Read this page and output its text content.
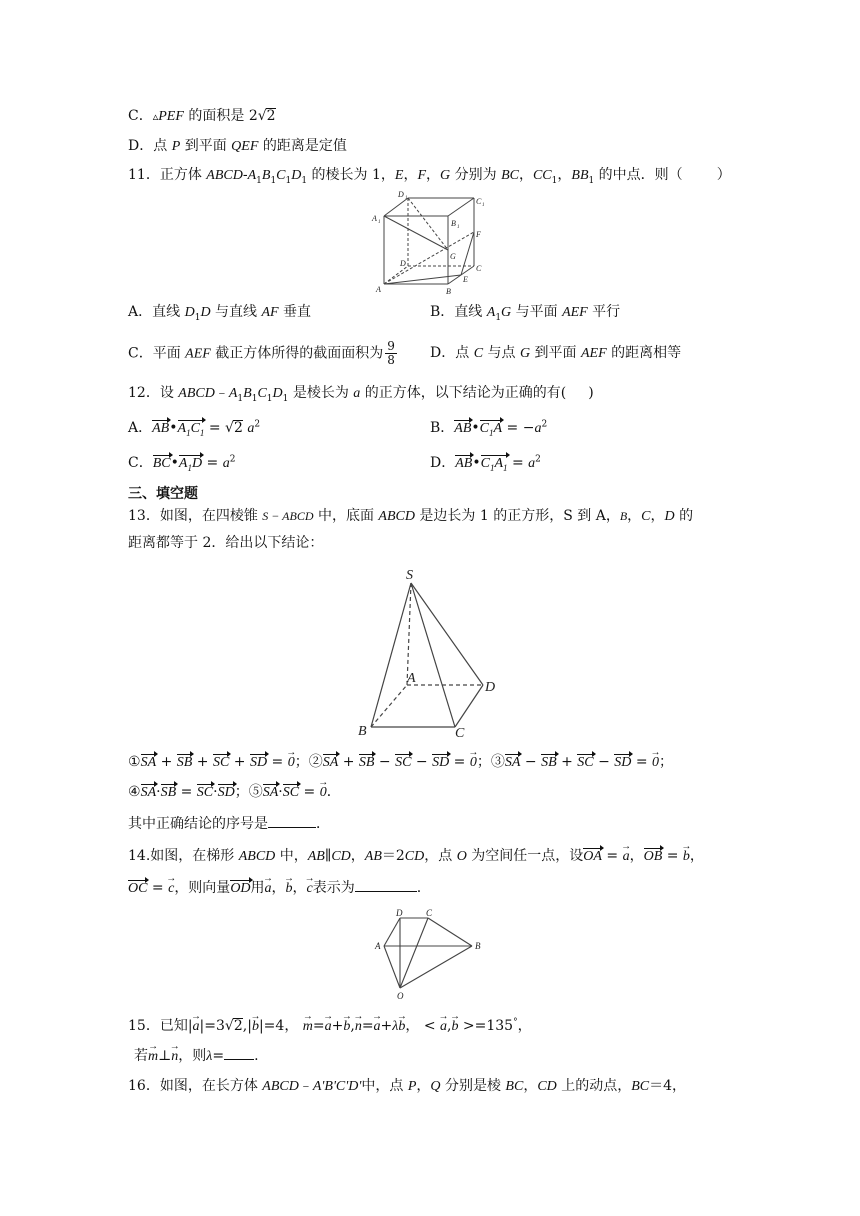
C．▵PEF 的面积是 2√2
D．点 P 到平面 QEF 的距离是定值
11．正方体 ABCD-$A_1B_1C_1D_1$ 的棱长为 1，E，F，G 分别为 BC，$CC_1$，$BB_1$ 的中点．则（ ）
D 1	C 1
A 1	B 1
F
G
D
C
E
A	B
A．直线 $D_1D$ 与直线 AF 垂直	B．直线 $A_1G$ 与平面 AEF 平行
C．平面 AEF 截正方体所得的截面面积为 $\frac{9}{8}$ D．点 C 与点 G 到平面 AEF 的距离相等
12．设 $ABCD﹣A_1B_1C_1D_1$ 是棱长为 a 的正方体，以下结论为正确的有( )
A．$AB•A_1C_1 = √2$ $a^2$	B．$AB•C_1A = -a^2$
C．$BC•A_1D = a^2$	D．$AB•C_1A_1 = a^2$
三、填空题
13．如图，在四棱锥 S − ABCD 中，底面 ABCD 是边长为 1 的正方形，S 到 A，B，C，D 的
距离都等于 2．给出以下结论：
S
A
D
B	C
①SA + SB + SC + SD = → 0；②SA + SB − SC − SD = → 0；③SA − SB + SC − SD = → 0；
④SA·SB = SC·SD；⑤SA·SC = → 0．
其中正确结论的序号是	．
14.如图，在梯形 ABCD 中，AB∥CD，AB＝2CD，点 O 为空间任一点，设OA = → a，OB = → b，
OC = → c，则向量OD用→ a，→ b，→ c表示为	.
D	C
A	B
O
15．已知|→ a|=3√2,|→ b|=4， → m=→ a+→ b,→ n=→ a+λ→ b， < → a,→ b >=135°，
若→ m⊥→ n，则λ= .
16．如图，在长方体 ABCD﹣A'B'C'D'中，点 P，Q 分别是棱 BC，CD 上的动点，BC＝4，
